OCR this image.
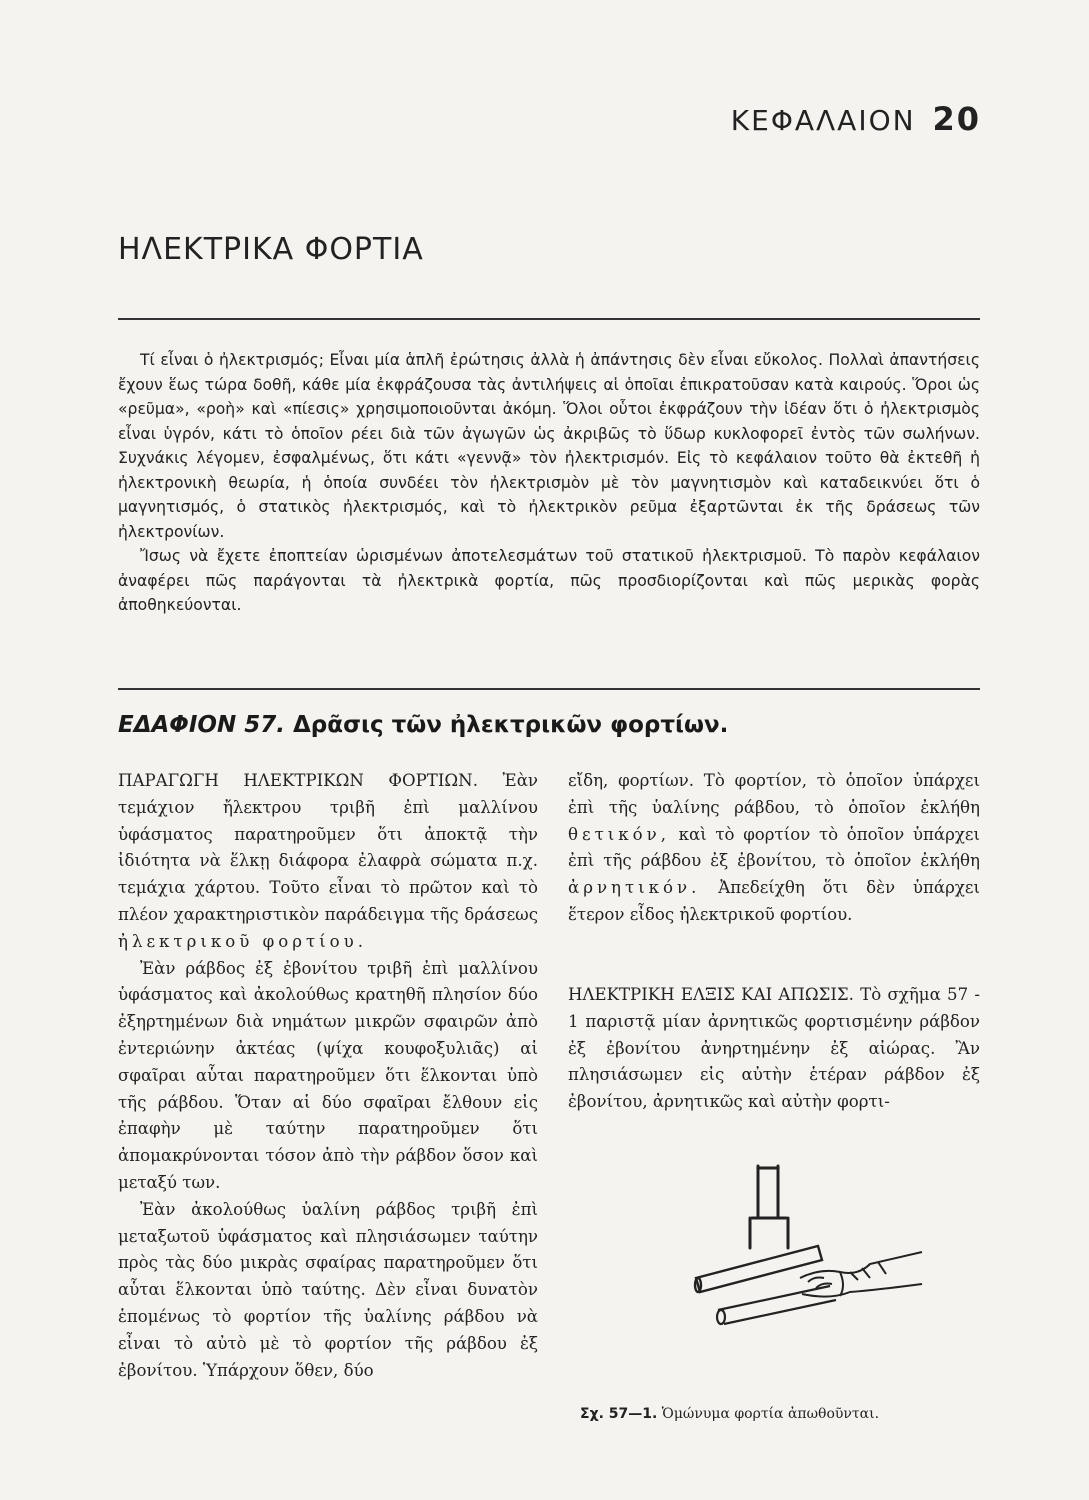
ΚΕΦΑΛΑΙΟΝ 20
ΗΛΕΚΤΡΙΚΑ ΦΟΡΤΙΑ

Τί εἶναι ὁ ἠλεκτρισμός; Εἶναι μία ἁπλῆ ἐρώτησις ἀλλὰ ἡ ἀπάντησις δὲν εἶναι εὔκολος. Πολλαὶ ἀπαντήσεις ἔχουν ἕως τώρα δοθῆ, κάθε μία ἐκφράζουσα τὰς ἀντιλήψεις αἱ ὁποῖαι ἐπικρατοῦσαν κατὰ καιρούς. Ὅροι ὡς «ρεῦμα», «ροὴ» καὶ «πίεσις» χρησιμοποιοῦνται ἀκόμη. Ὅλοι οὗτοι ἐκφράζουν τὴν ἰδέαν ὅτι ὁ ἠλεκτρισμὸς εἶναι ὑγρόν, κάτι τὸ ὁποῖον ρέει διὰ τῶν ἀγωγῶν ὡς ἀκριβῶς τὸ ὕδωρ κυκλοφορεῖ ἐντὸς τῶν σωλήνων. Συχνάκις λέγομεν, ἐσφαλμένως, ὅτι κάτι «γεννᾷ» τὸν ἠλεκτρισμόν. Εἰς τὸ κεφάλαιον τοῦτο θὰ ἐκτεθῆ ἡ ἠλεκτρονικὴ θεωρία, ἡ ὁποία συνδέει τὸν ἠλεκτρισμὸν μὲ τὸν μαγνητισμὸν καὶ καταδεικνύει ὅτι ὁ μαγνητισμός, ὁ στατικὸς ἠλεκτρισμός, καὶ τὸ ἠλεκτρικὸν ρεῦμα ἐξαρτῶνται ἐκ τῆς δράσεως τῶν ἠλεκτρονίων.

Ἴσως νὰ ἔχετε ἐποπτείαν ὡρισμένων ἀποτελεσμάτων τοῦ στατικοῦ ἠλεκτρισμοῦ. Τὸ παρὸν κεφάλαιον ἀναφέρει πῶς παράγονται τὰ ἠλεκτρικὰ φορτία, πῶς προσδιορίζονται καὶ πῶς μερικὰς φορὰς ἀποθηκεύονται.

ΕΔΑΦΙΟΝ 57. Δρᾶσις τῶν ἠλεκτρικῶν φορτίων.

ΠΑΡΑΓΩΓΗ ΗΛΕΚΤΡΙΚΩΝ ΦΟΡΤΙΩΝ. Ἐὰν τεμάχιον ἤλεκτρου τριβῆ ἐπὶ μαλλίνου ὑφάσματος παρατηροῦμεν ὅτι ἀποκτᾷ τὴν ἰδιότητα νὰ ἕλκῃ διάφορα ἐλαφρὰ σώματα π.χ. τεμάχια χάρτου. Τοῦτο εἶναι τὸ πρῶτον καὶ τὸ πλέον χαρακτηριστικὸν παράδειγμα τῆς δράσεως ἠλεκτρικοῦ φορτίου.

Ἐὰν ράβδος ἐξ ἐβονίτου τριβῆ ἐπὶ μαλλίνου ὑφάσματος καὶ ἀκολούθως κρατηθῆ πλησίον δύο ἐξηρτημένων διὰ νημάτων μικρῶν σφαιρῶν ἀπὸ ἐντεριώνην ἀκτέας (ψίχα κουφοξυλιᾶς) αἱ σφαῖραι αὗται παρατηροῦμεν ὅτι ἕλκονται ὑπὸ τῆς ράβδου. Ὅταν αἱ δύο σφαῖραι ἔλθουν εἰς ἐπαφὴν μὲ ταύτην παρατηροῦμεν ὅτι ἀπομακρύνονται τόσον ἀπὸ τὴν ράβδον ὅσον καὶ μεταξύ των.

Ἐὰν ἀκολούθως ὑαλίνη ράβδος τριβῆ ἐπὶ μεταξωτοῦ ὑφάσματος καὶ πλησιάσωμεν ταύτην πρὸς τὰς δύο μικρὰς σφαίρας παρατηροῦμεν ὅτι αὗται ἕλκονται ὑπὸ ταύτης. Δὲν εἶναι δυνατὸν ἑπομένως τὸ φορτίον τῆς ὑαλίνης ράβδου νὰ εἶναι τὸ αὐτὸ μὲ τὸ φορτίον τῆς ράβδου ἐξ ἐβονίτου. Ὑπάρχουν ὅθεν, δύο

εἴδη, φορτίων. Τὸ φορτίον, τὸ ὁποῖον ὑπάρχει ἐπὶ τῆς ὑαλίνης ράβδου, τὸ ὁποῖον ἐκλήθη θετικόν, καὶ τὸ φορτίον τὸ ὁποῖον ὑπάρχει ἐπὶ τῆς ράβδου ἐξ ἐβονίτου, τὸ ὁποῖον ἐκλήθη ἀρνητικόν. Ἀπεδείχθη ὅτι δὲν ὑπάρχει ἕτερον εἶδος ἠλεκτρικοῦ φορτίου.

ΗΛΕΚΤΡΙΚΗ ΕΛΞΙΣ ΚΑΙ ΑΠΩΣΙΣ. Τὸ σχῆμα 57 - 1 παριστᾷ μίαν ἀρνητικῶς φορτισμένην ράβδον ἐξ ἐβονίτου ἀνηρτημένην ἐξ αἰώρας. Ἂν πλησιάσωμεν εἰς αὐτὴν ἑτέραν ράβδον ἐξ ἐβονίτου, ἀρνητικῶς καὶ αὐτὴν φορτι-

Σχ. 57—1. Ὁμώνυμα φορτία ἀπωθοῦνται.
